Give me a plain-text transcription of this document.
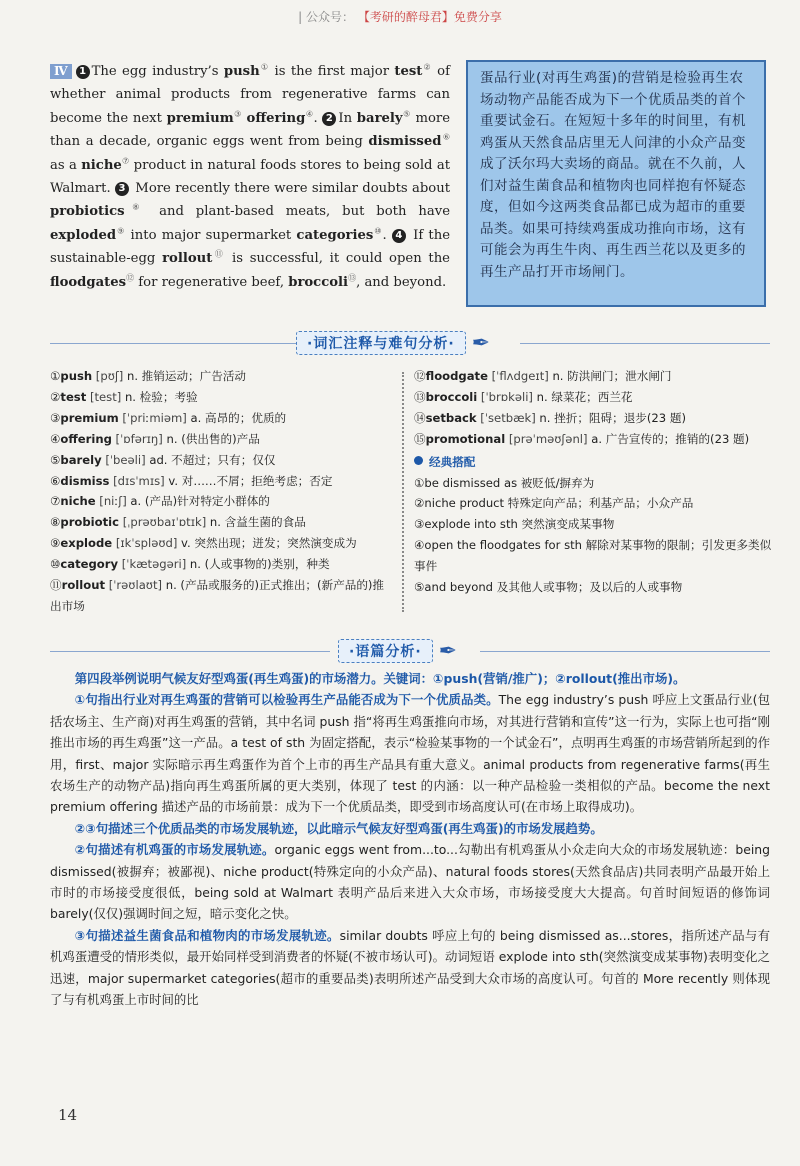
| 公众号： 【考研的醉母君】免费分享
Ⅳ 1 The egg industry’s push① is the first major test② of whether animal products from regenerative farms can become the next premium③ offering④. 2 In barely⑤ more than a decade, organic eggs went from being dismissed⑥ as a niche⑦ product in natural foods stores to being sold at Walmart. 3 More recently there were similar doubts about probiotics⑧ and plant-based meats, but both have exploded⑨ into major supermarket categories⑩. 4 If the sustainable-egg rollout⑪ is successful, it could open the floodgates⑫ for regenerative beef, broccoli⑬, and beyond.
蛋品行业(对再生鸡蛋)的营销是检验再生农场动物产品能否成为下一个优质品类的首个重要试金石。在短短十多年的时间里，有机鸡蛋从天然食品店里无人问津的小众产品变成了沃尔玛大卖场的商品。就在不久前，人们对益生菌食品和植物肉也同样抱有怀疑态度，但如今这两类食品都已成为超市的重要品类。如果可持续鸡蛋成功推向市场，这有可能会为再生牛肉、再生西兰花以及更多的再生产品打开市场闸门。
·词汇注释与难句分析· ✒
①push [pʊʃ] n. 推销运动；广告活动
②test [test] n. 检验；考验
③premium [ˈpriːmiəm] a. 高昂的；优质的
④offering [ˈɒfərɪŋ] n. (供出售的)产品
⑤barely [ˈbeəli] ad. 不超过；只有；仅仅
⑥dismiss [dɪsˈmɪs] v. 对……不屑；拒绝考虑；否定
⑦niche [niːʃ] a. (产品)针对特定小群体的
⑧probiotic [ˌprəʊbaɪˈɒtɪk] n. 含益生菌的食品
⑨explode [ɪkˈspləʊd] v. 突然出现；迸发；突然演变成为
⑩category [ˈkætəgəri] n. (人或事物的)类别，种类
⑪rollout [ˈrəʊlaʊt] n. (产品或服务的)正式推出；(新产品的)推出市场
⑫floodgate [ˈflʌdgeɪt] n. 防洪闸门；泄水闸门
⑬broccoli [ˈbrɒkəli] n. 绿菜花；西兰花
⑭setback [ˈsetbæk] n. 挫折；阻碍；退步(23 题)
⑮promotional [prəˈməʊʃənl] a. 广告宣传的；推销的(23 题)
经典搭配
①be dismissed as 被贬低/摒弃为
②niche product 特殊定向产品；利基产品；小众产品
③explode into sth 突然演变成某事物
④open the floodgates for sth 解除对某事物的限制；引发更多类似事件
⑤and beyond 及其他人或事物；及以后的人或事物
·语篇分析· ✒

第四段举例说明气候友好型鸡蛋(再生鸡蛋)的市场潜力。关键词：①push(营销/推广)；②rollout(推出市场)。

①句指出行业对再生鸡蛋的营销可以检验再生产品能否成为下一个优质品类。The egg industry’s push 呼应上文蛋品行业(包括农场主、生产商)对再生鸡蛋的营销，其中名词 push 指“将再生鸡蛋推向市场，对其进行营销和宣传”这一行为，实际上也可指“刚推出市场的再生鸡蛋”这一产品。a test of sth 为固定搭配，表示“检验某事物的一个试金石”，点明再生鸡蛋的市场营销所起到的作用，first、major 实际暗示再生鸡蛋作为首个上市的再生产品具有重大意义。animal products from regenerative farms(再生农场生产的动物产品)指向再生鸡蛋所属的更大类别，体现了 test 的内涵：以一种产品检验一类相似的产品。become the next premium offering 描述产品的市场前景：成为下一个优质品类，即受到市场高度认可(在市场上取得成功)。

②③句描述三个优质品类的市场发展轨迹，以此暗示气候友好型鸡蛋(再生鸡蛋)的市场发展趋势。

②句描述有机鸡蛋的市场发展轨迹。organic eggs went from...to...勾勒出有机鸡蛋从小众走向大众的市场发展轨迹：being dismissed(被摒弃；被鄙视)、niche product(特殊定向的小众产品)、natural foods stores(天然食品店)共同表明产品最开始上市时的市场接受度很低，being sold at Walmart 表明产品后来进入大众市场，市场接受度大大提高。句首时间短语的修饰词 barely(仅仅)强调时间之短，暗示变化之快。

③句描述益生菌食品和植物肉的市场发展轨迹。similar doubts 呼应上句的 being dismissed as...stores，指所述产品与有机鸡蛋遭受的情形类似，最开始同样受到消费者的怀疑(不被市场认可)。动词短语 explode into sth(突然演变成某事物)表明变化之迅速，major supermarket categories(超市的重要品类)表明所述产品受到大众市场的高度认可。句首的 More recently 则体现了与有机鸡蛋上市时间的比

14
